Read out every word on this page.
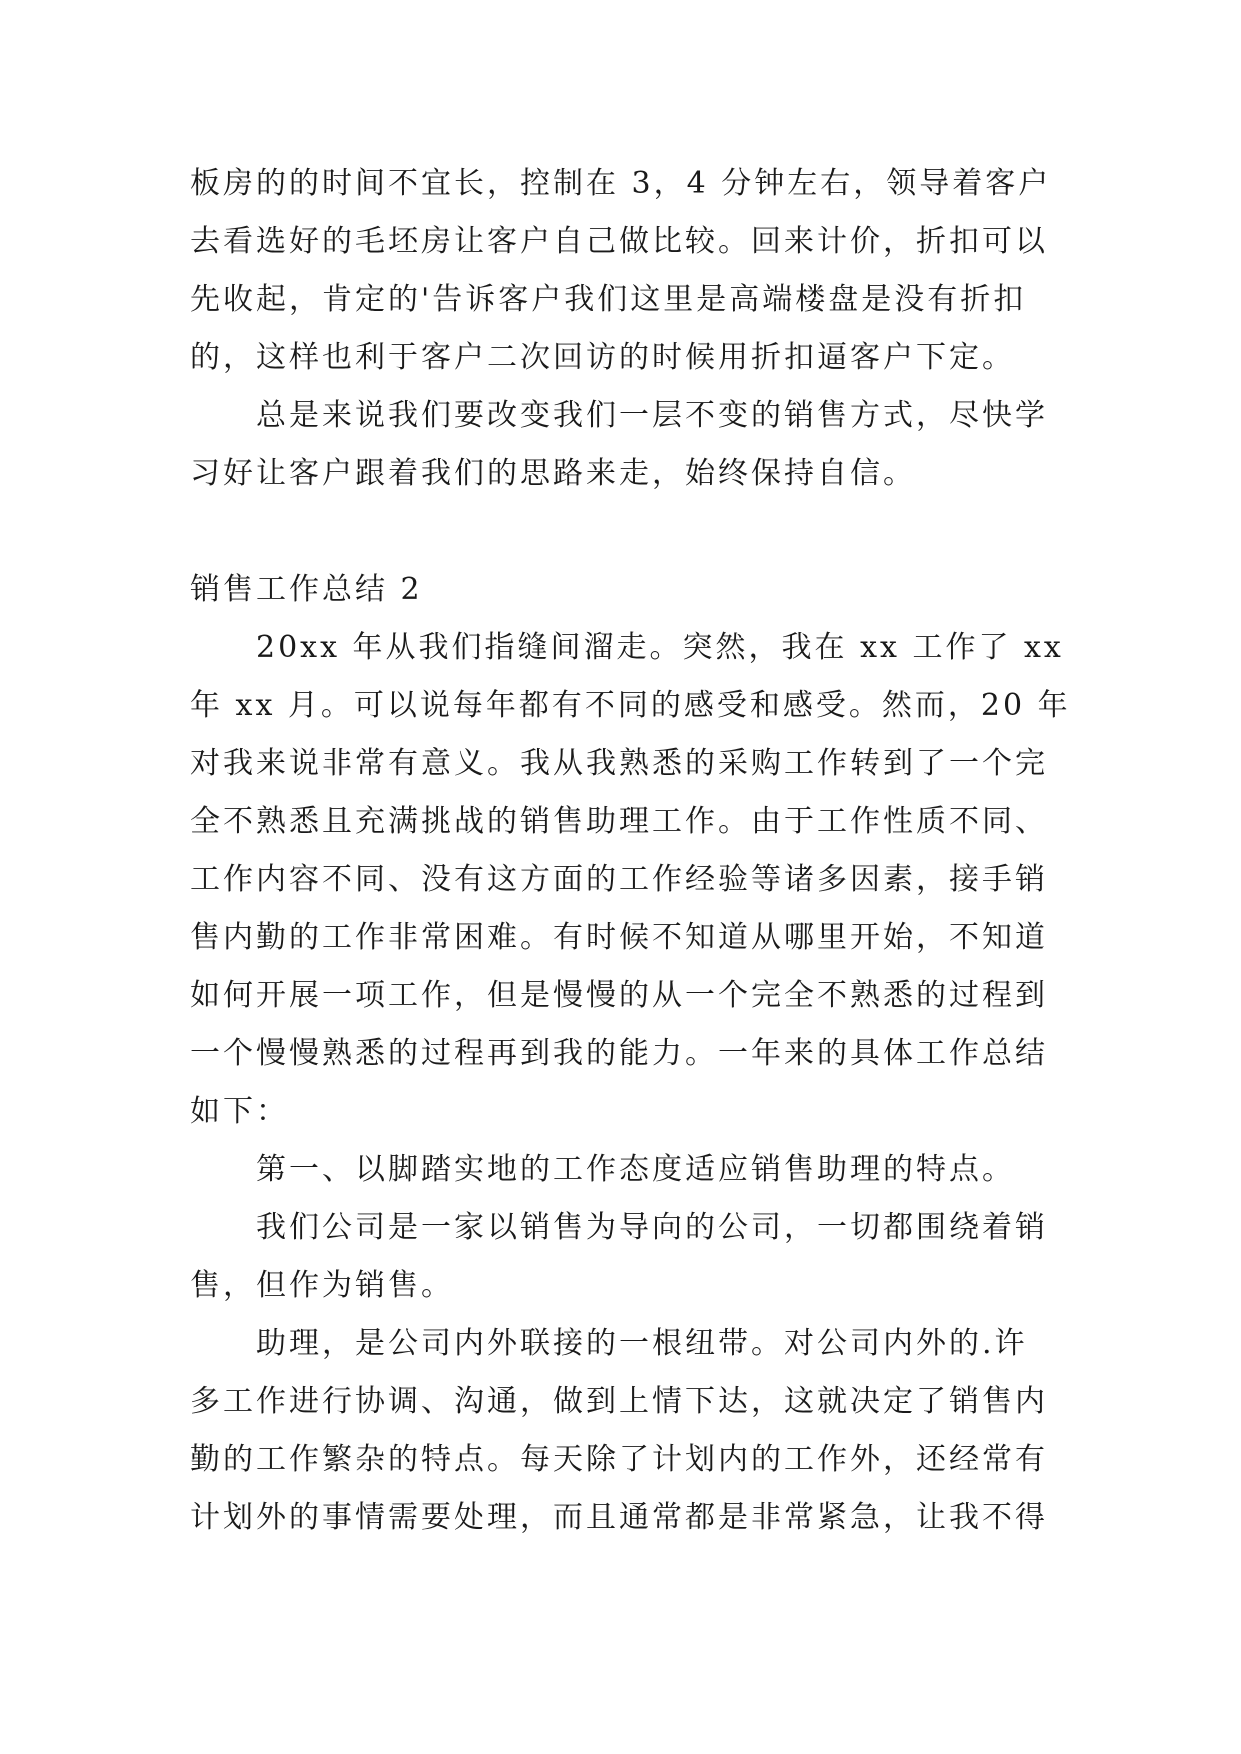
板房的的时间不宜长，控制在 3，4 分钟左右，领导着客户
去看选好的毛坯房让客户自己做比较。回来计价，折扣可以
先收起，肯定的'告诉客户我们这里是高端楼盘是没有折扣
的，这样也利于客户二次回访的时候用折扣逼客户下定。
　　总是来说我们要改变我们一层不变的销售方式，尽快学
习好让客户跟着我们的思路来走，始终保持自信。
销售工作总结 2
　　20xx 年从我们指缝间溜走。突然，我在 xx 工作了 xx
年 xx 月。可以说每年都有不同的感受和感受。然而，20 年
对我来说非常有意义。我从我熟悉的采购工作转到了一个完
全不熟悉且充满挑战的销售助理工作。由于工作性质不同、
工作内容不同、没有这方面的工作经验等诸多因素，接手销
售内勤的工作非常困难。有时候不知道从哪里开始，不知道
如何开展一项工作，但是慢慢的从一个完全不熟悉的过程到
一个慢慢熟悉的过程再到我的能力。一年来的具体工作总结
如下：
　　第一、以脚踏实地的工作态度适应销售助理的特点。
　　我们公司是一家以销售为导向的公司，一切都围绕着销
售，但作为销售。
　　助理，是公司内外联接的一根纽带。对公司内外的.许
多工作进行协调、沟通，做到上情下达，这就决定了销售内
勤的工作繁杂的特点。每天除了计划内的工作外，还经常有
计划外的事情需要处理，而且通常都是非常紧急，让我不得
